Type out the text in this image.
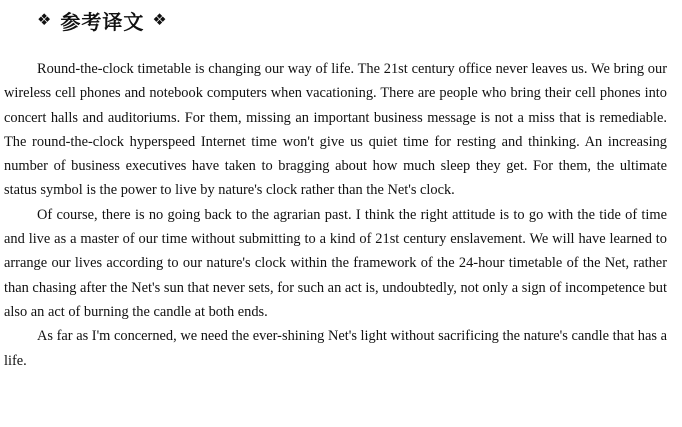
❖ 参考译文 ❖

Round-the-clock timetable is changing our way of life. The 21st century office never leaves us. We bring our wireless cell phones and notebook computers when vacationing. There are people who bring their cell phones into concert halls and auditoriums. For them, missing an important business message is not a miss that is remediable. The round-the-clock hyperspeed Internet time won't give us quiet time for resting and thinking. An increasing number of business executives have taken to bragging about how much sleep they get. For them, the ultimate status symbol is the power to live by nature's clock rather than the Net's clock.

Of course, there is no going back to the agrarian past. I think the right attitude is to go with the tide of time and live as a master of our time without submitting to a kind of 21st century enslavement. We will have learned to arrange our lives according to our nature's clock within the framework of the 24-hour timetable of the Net, rather than chasing after the Net's sun that never sets, for such an act is, undoubtedly, not only a sign of incompetence but also an act of burning the candle at both ends.

As far as I'm concerned, we need the ever-shining Net's light without sacrificing the nature's candle that has a life.
